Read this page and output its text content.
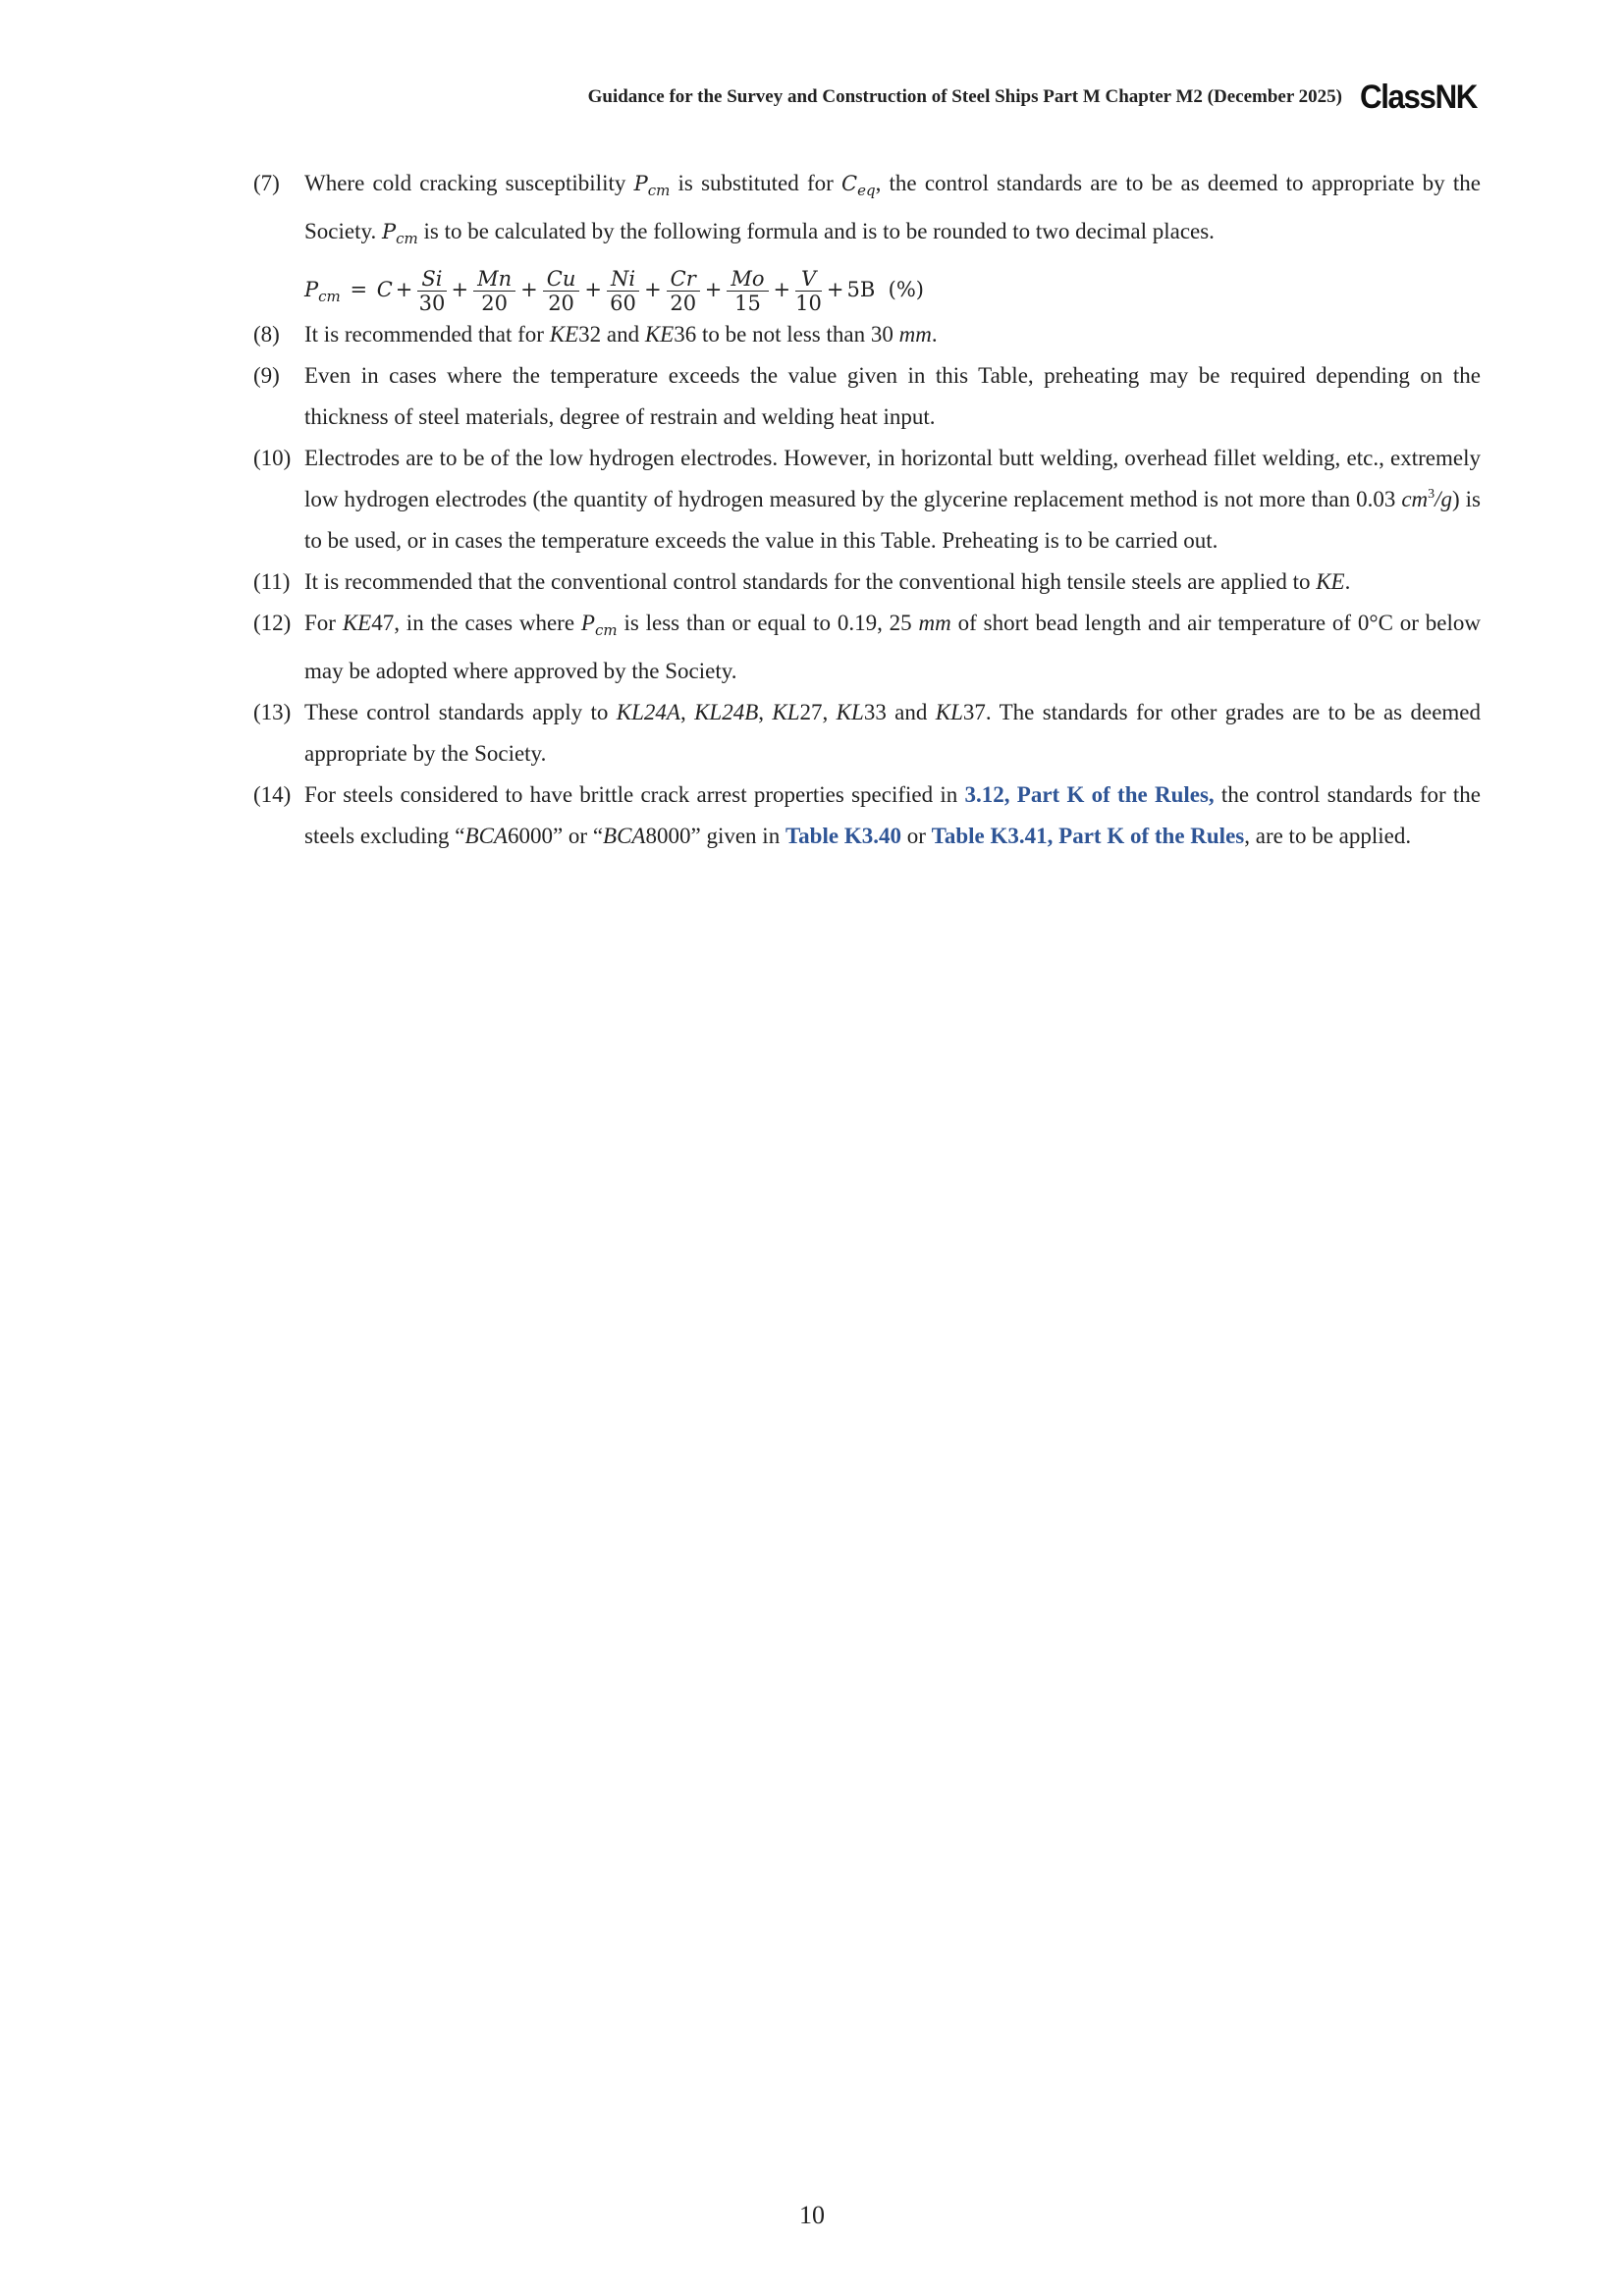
Guidance for the Survey and Construction of Steel Ships Part M Chapter M2 (December 2025) ClassNK
(7) Where cold cracking susceptibility $P_{cm}$ is substituted for $C_{eq}$, the control standards are to be as deemed to appropriate by the Society. $P_{cm}$ is to be calculated by the following formula and is to be rounded to two decimal places.
$P_{cm} = C + \frac{Si}{30} + \frac{Mn}{20} + \frac{Cu}{20} + \frac{Ni}{60} + \frac{Cr}{20} + \frac{Mo}{15} + \frac{V}{10} + 5B$ (%)
(8) It is recommended that for KE32 and KE36 to be not less than 30 mm.
(9) Even in cases where the temperature exceeds the value given in this Table, preheating may be required depending on the thickness of steel materials, degree of restrain and welding heat input.
(10) Electrodes are to be of the low hydrogen electrodes. However, in horizontal butt welding, overhead fillet welding, etc., extremely low hydrogen electrodes (the quantity of hydrogen measured by the glycerine replacement method is not more than 0.03 $cm^3/g$) is to be used, or in cases the temperature exceeds the value in this Table. Preheating is to be carried out.
(11) It is recommended that the conventional control standards for the conventional high tensile steels are applied to KE.
(12) For KE47, in the cases where $P_{cm}$ is less than or equal to 0.19, 25 mm of short bead length and air temperature of 0°C or below may be adopted where approved by the Society.
(13) These control standards apply to KL24A, KL24B, KL27, KL33 and KL37. The standards for other grades are to be as deemed appropriate by the Society.
(14) For steels considered to have brittle crack arrest properties specified in 3.12, Part K of the Rules, the control standards for the steels excluding “BCA6000” or “BCA8000” given in Table K3.40 or Table K3.41, Part K of the Rules, are to be applied.
10
